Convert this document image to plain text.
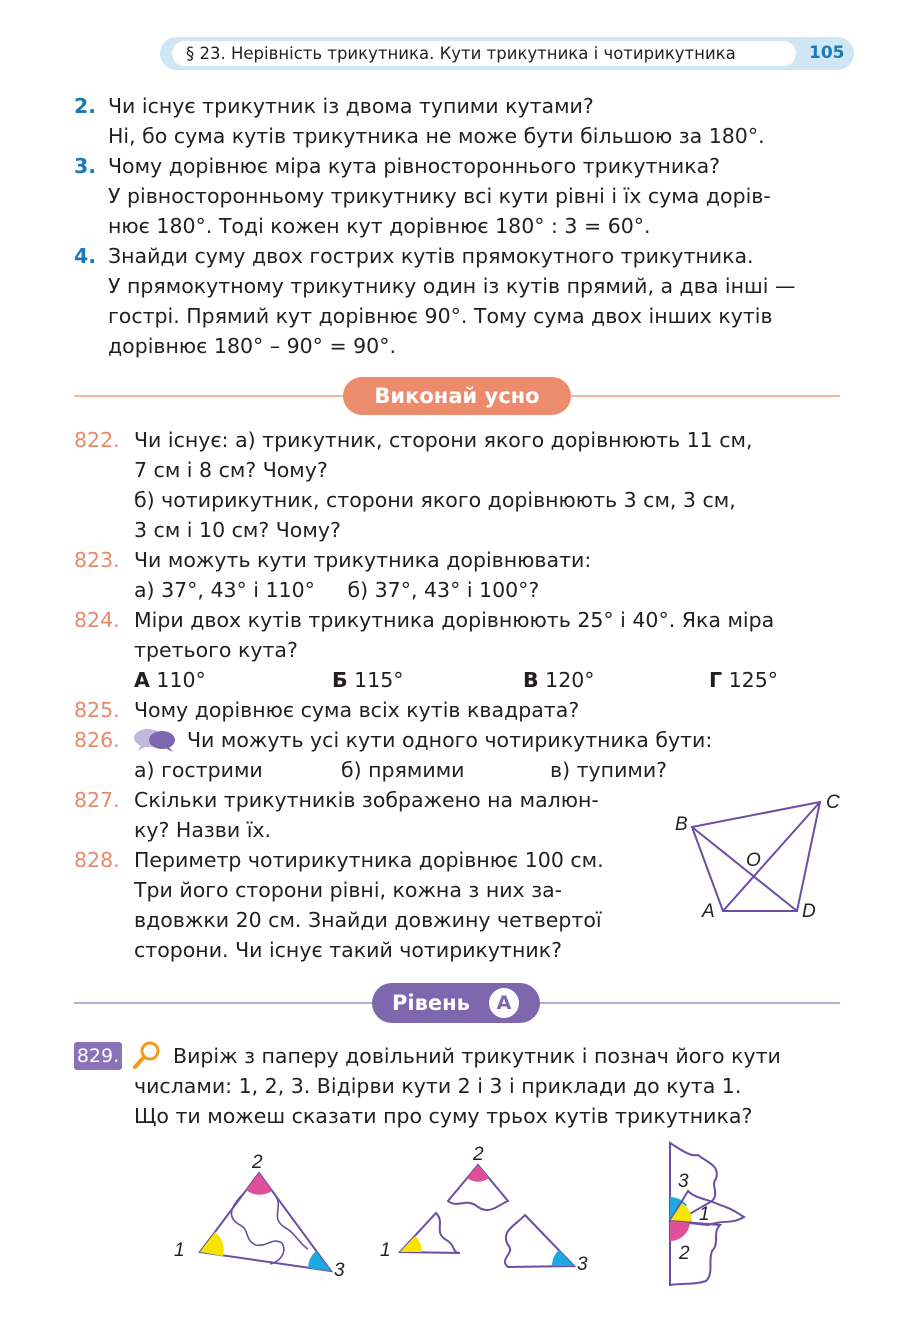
§ 23. Нерівність трикутника. Кути трикутника і чотирикутника	105
2. Чи існує трикутник із двома тупими кутами?
Ні, бо сума кутів трикутника не може бути більшою за 180°.
3. Чому дорівнює міра кута рівностороннього трикутника?
У рівносторонньому трикутнику всі кути рівні і їх сума дорів-
нює 180°. Тоді кожен кут дорівнює 180° : 3 = 60°.
4. Знайди суму двох гострих кутів прямокутного трикутника.
У прямокутному трикутнику один із кутів прямий, а два інші —
гострі. Прямий кут дорівнює 90°. Тому сума двох інших кутів
дорівнює 180° – 90° = 90°.
Виконай усно
822. Чи існує: а) трикутник, сторони якого дорівнюють 11 см,
7 см і 8 см? Чому?
б) чотирикутник, сторони якого дорівнюють 3 см, 3 см,
3 см і 10 см? Чому?
823. Чи можуть кути трикутника дорівнювати:
а) 37°, 43° і 110°     б) 37°, 43° і 100°?
824. Міри двох кутів трикутника дорівнюють 25° і 40°. Яка міра
третього кута?
А 110°	Б 115°	В 120°	Г 125°
825. Чому дорівнює сума всіх кутів квадрата?
826.	Чи можуть усі кути одного чотирикутника бути:
а) гострими	б) прямими	в) тупими?
827. Скільки трикутників зображено на малюн-
ку? Назви їх.
828. Периметр чотирикутника дорівнює 100 см.
Три його сторони рівні, кожна з них за-
вдовжки 20 см. Знайди довжину четвертої
сторони. Чи існує такий чотирикутник?
B
C
O
A	D
Рівень	А
829.	Виріж з паперу довільний трикутник і познач його кути
числами: 1, 2, 3. Відірви кути 2 і 3 і приклади до кута 1.
Що ти можеш сказати про суму трьох кутів трикутника?
1
2
3
1
2
3
3
1
2
